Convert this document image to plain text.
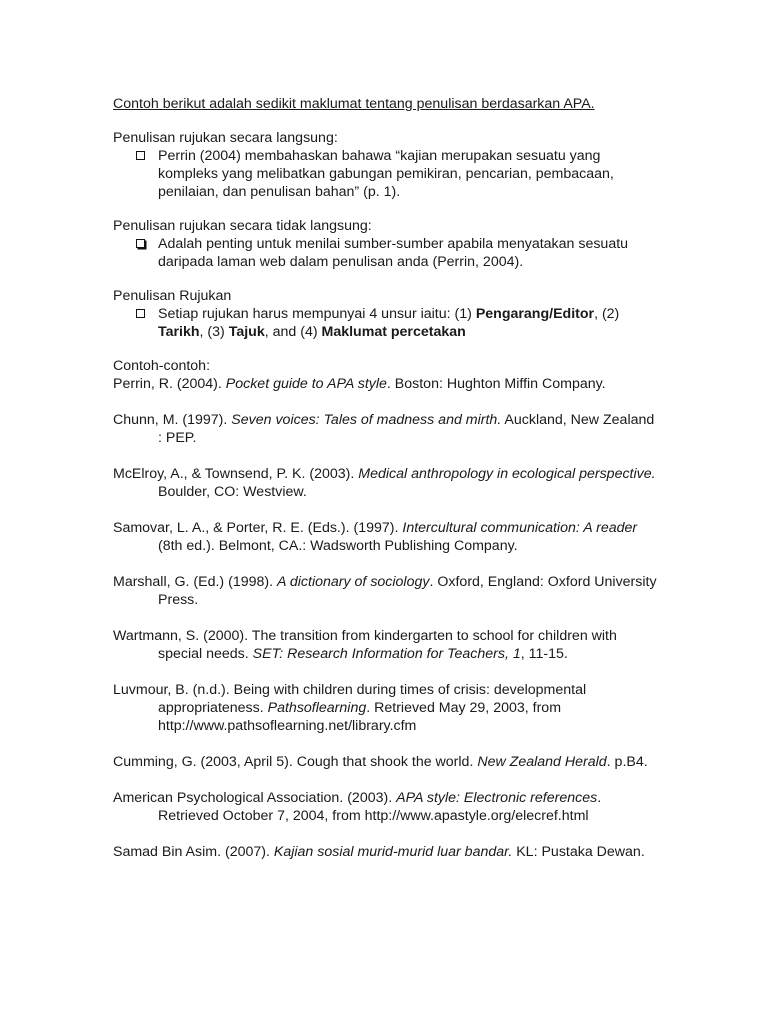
Contoh berikut adalah sedikit maklumat tentang penulisan berdasarkan APA.
Penulisan rujukan secara langsung:
Perrin (2004) membahaskan bahawa “kajian merupakan sesuatu yang kompleks yang melibatkan gabungan pemikiran, pencarian, pembacaan, penilaian, dan penulisan bahan” (p. 1).
Penulisan rujukan secara tidak langsung:
Adalah penting untuk menilai sumber-sumber apabila menyatakan sesuatu daripada laman web dalam penulisan anda (Perrin, 2004).
Penulisan Rujukan
Setiap rujukan harus mempunyai 4 unsur iaitu: (1) Pengarang/Editor, (2) Tarikh, (3) Tajuk, and (4) Maklumat percetakan
Contoh-contoh:
Perrin, R. (2004). Pocket guide to APA style. Boston: Hughton Miffin Company.
Chunn, M. (1997). Seven voices: Tales of madness and mirth. Auckland, New Zealand : PEP.
McElroy, A., & Townsend, P. K. (2003). Medical anthropology in ecological perspective. Boulder, CO: Westview.
Samovar, L. A., & Porter, R. E. (Eds.). (1997). Intercultural communication: A reader (8th ed.). Belmont, CA.: Wadsworth Publishing Company.
Marshall, G. (Ed.) (1998). A dictionary of sociology. Oxford, England: Oxford University Press.
Wartmann, S. (2000). The transition from kindergarten to school for children with special needs. SET: Research Information for Teachers, 1, 11-15.
Luvmour, B. (n.d.). Being with children during times of crisis: developmental appropriateness. Pathsoflearning. Retrieved May 29, 2003, from http://www.pathsoflearning.net/library.cfm
Cumming, G. (2003, April 5). Cough that shook the world. New Zealand Herald. p.B4.
American Psychological Association. (2003). APA style: Electronic references. Retrieved October 7, 2004, from http://www.apastyle.org/elecref.html
Samad Bin Asim. (2007). Kajian sosial murid-murid luar bandar. KL: Pustaka Dewan.
